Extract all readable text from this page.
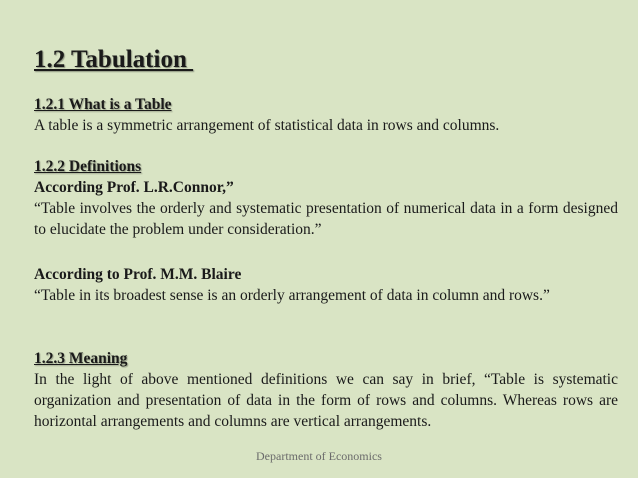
1.2 Tabulation
1.2.1 What is a Table
A table is a symmetric arrangement of statistical data in rows and columns.
1.2.2 Definitions
According Prof. L.R.Connor,”
“Table involves the orderly and systematic presentation of numerical data in a form designed to elucidate the problem under consideration.”
According to Prof. M.M. Blaire
“Table in its broadest sense is an orderly arrangement of data in column and rows.”
1.2.3 Meaning
In the light of above mentioned definitions we can say in brief, “Table is systematic organization and presentation of data in the form of rows and columns. Whereas rows are horizontal arrangements and columns are vertical arrangements.
Department of Economics
